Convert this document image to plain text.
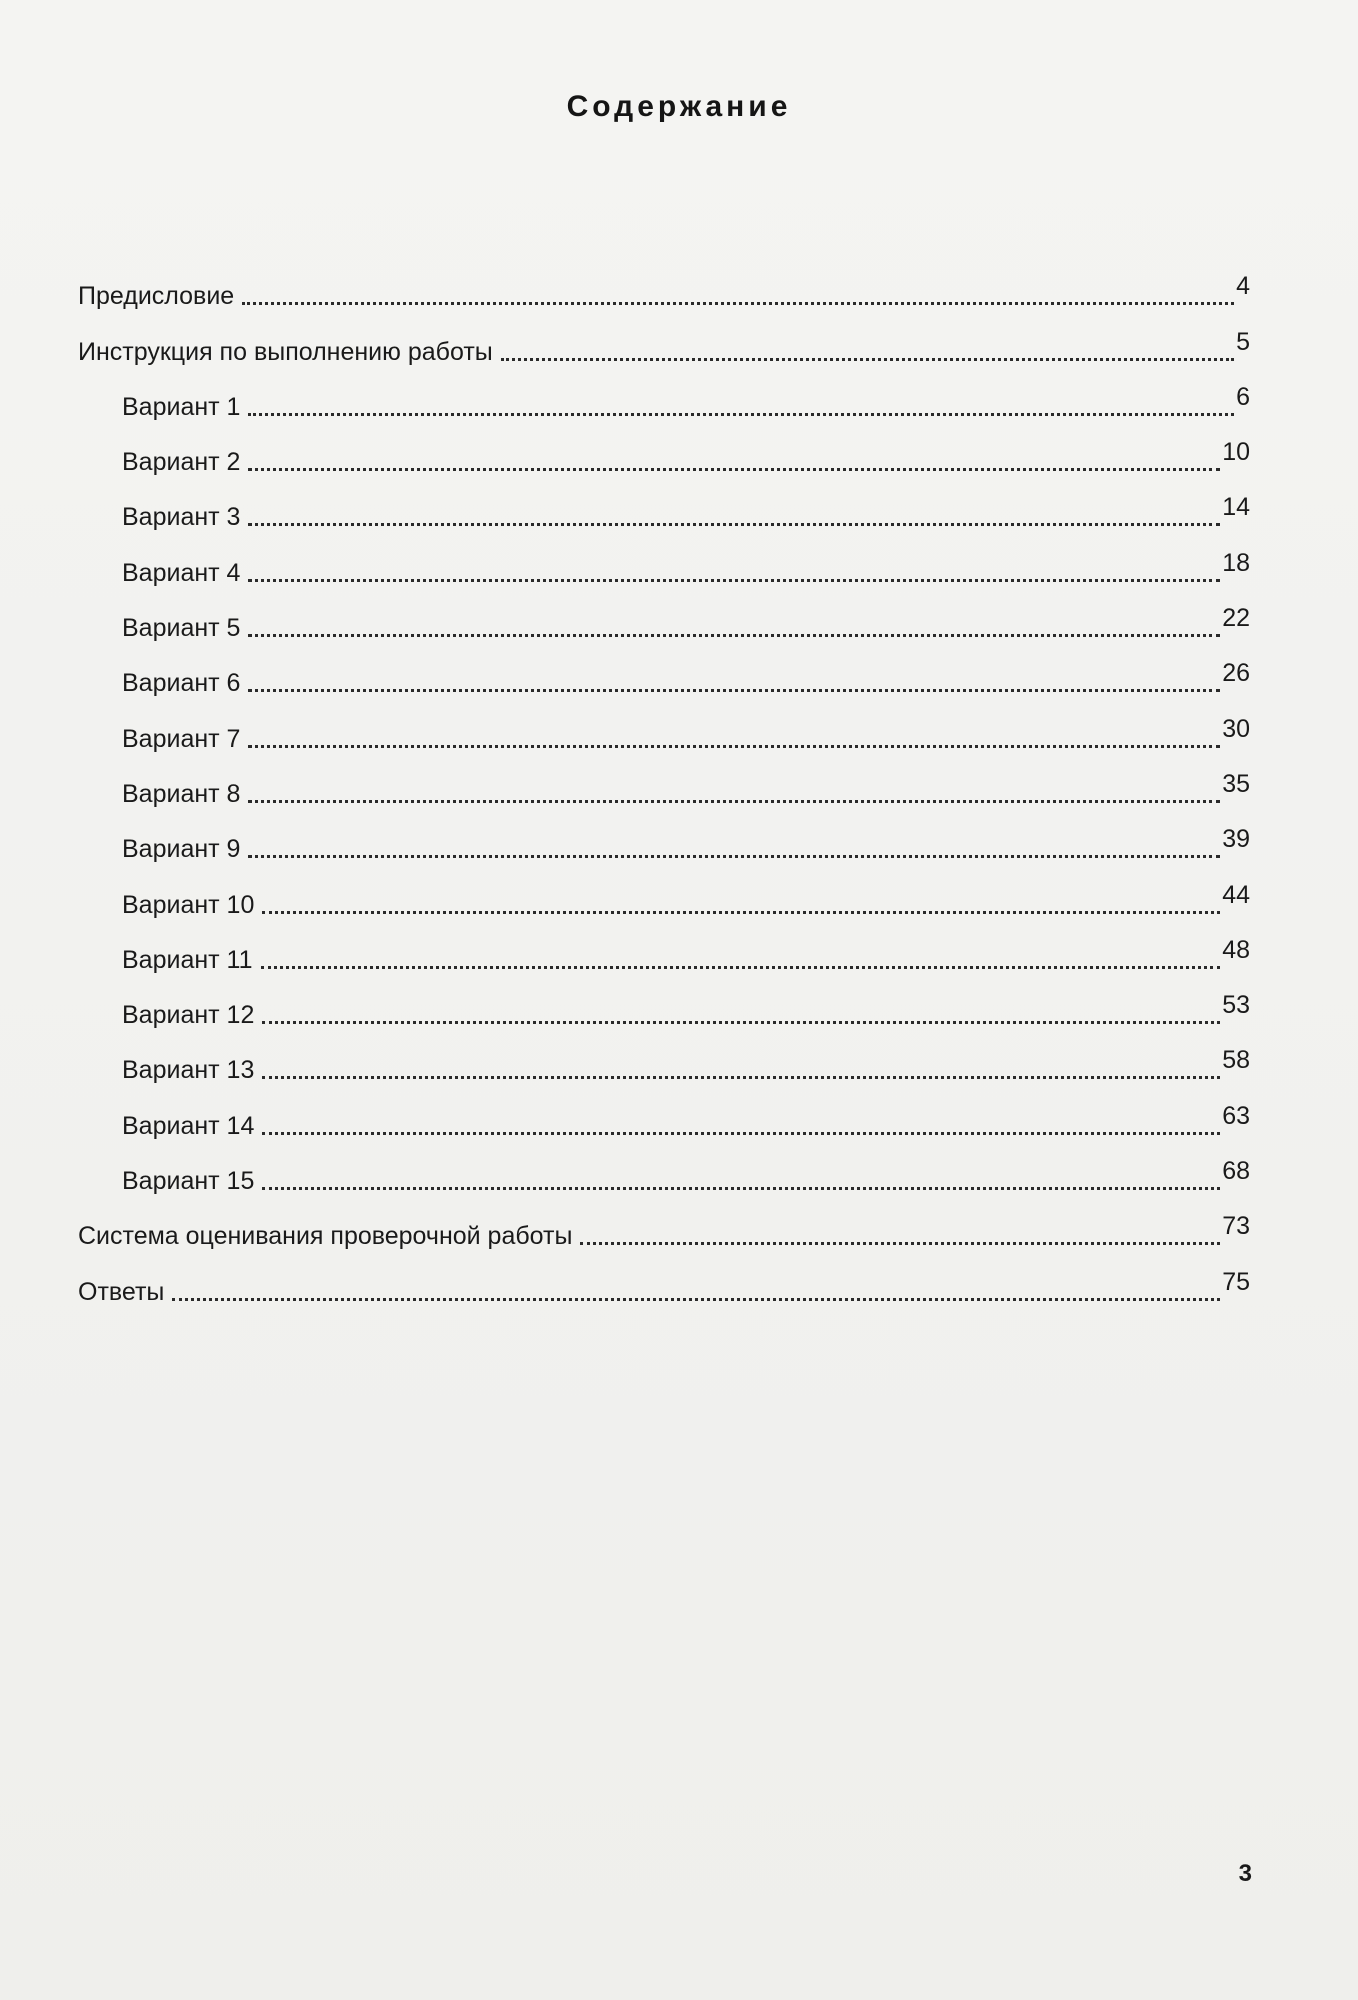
Содержание
Предисловие	4
Инструкция по выполнению работы	5
Вариант 1	6
Вариант 2	10
Вариант 3	14
Вариант 4	18
Вариант 5	22
Вариант 6	26
Вариант 7	30
Вариант 8	35
Вариант 9	39
Вариант 10	44
Вариант 11	48
Вариант 12	53
Вариант 13	58
Вариант 14	63
Вариант 15	68
Система оценивания проверочной работы	73
Ответы	75
3
